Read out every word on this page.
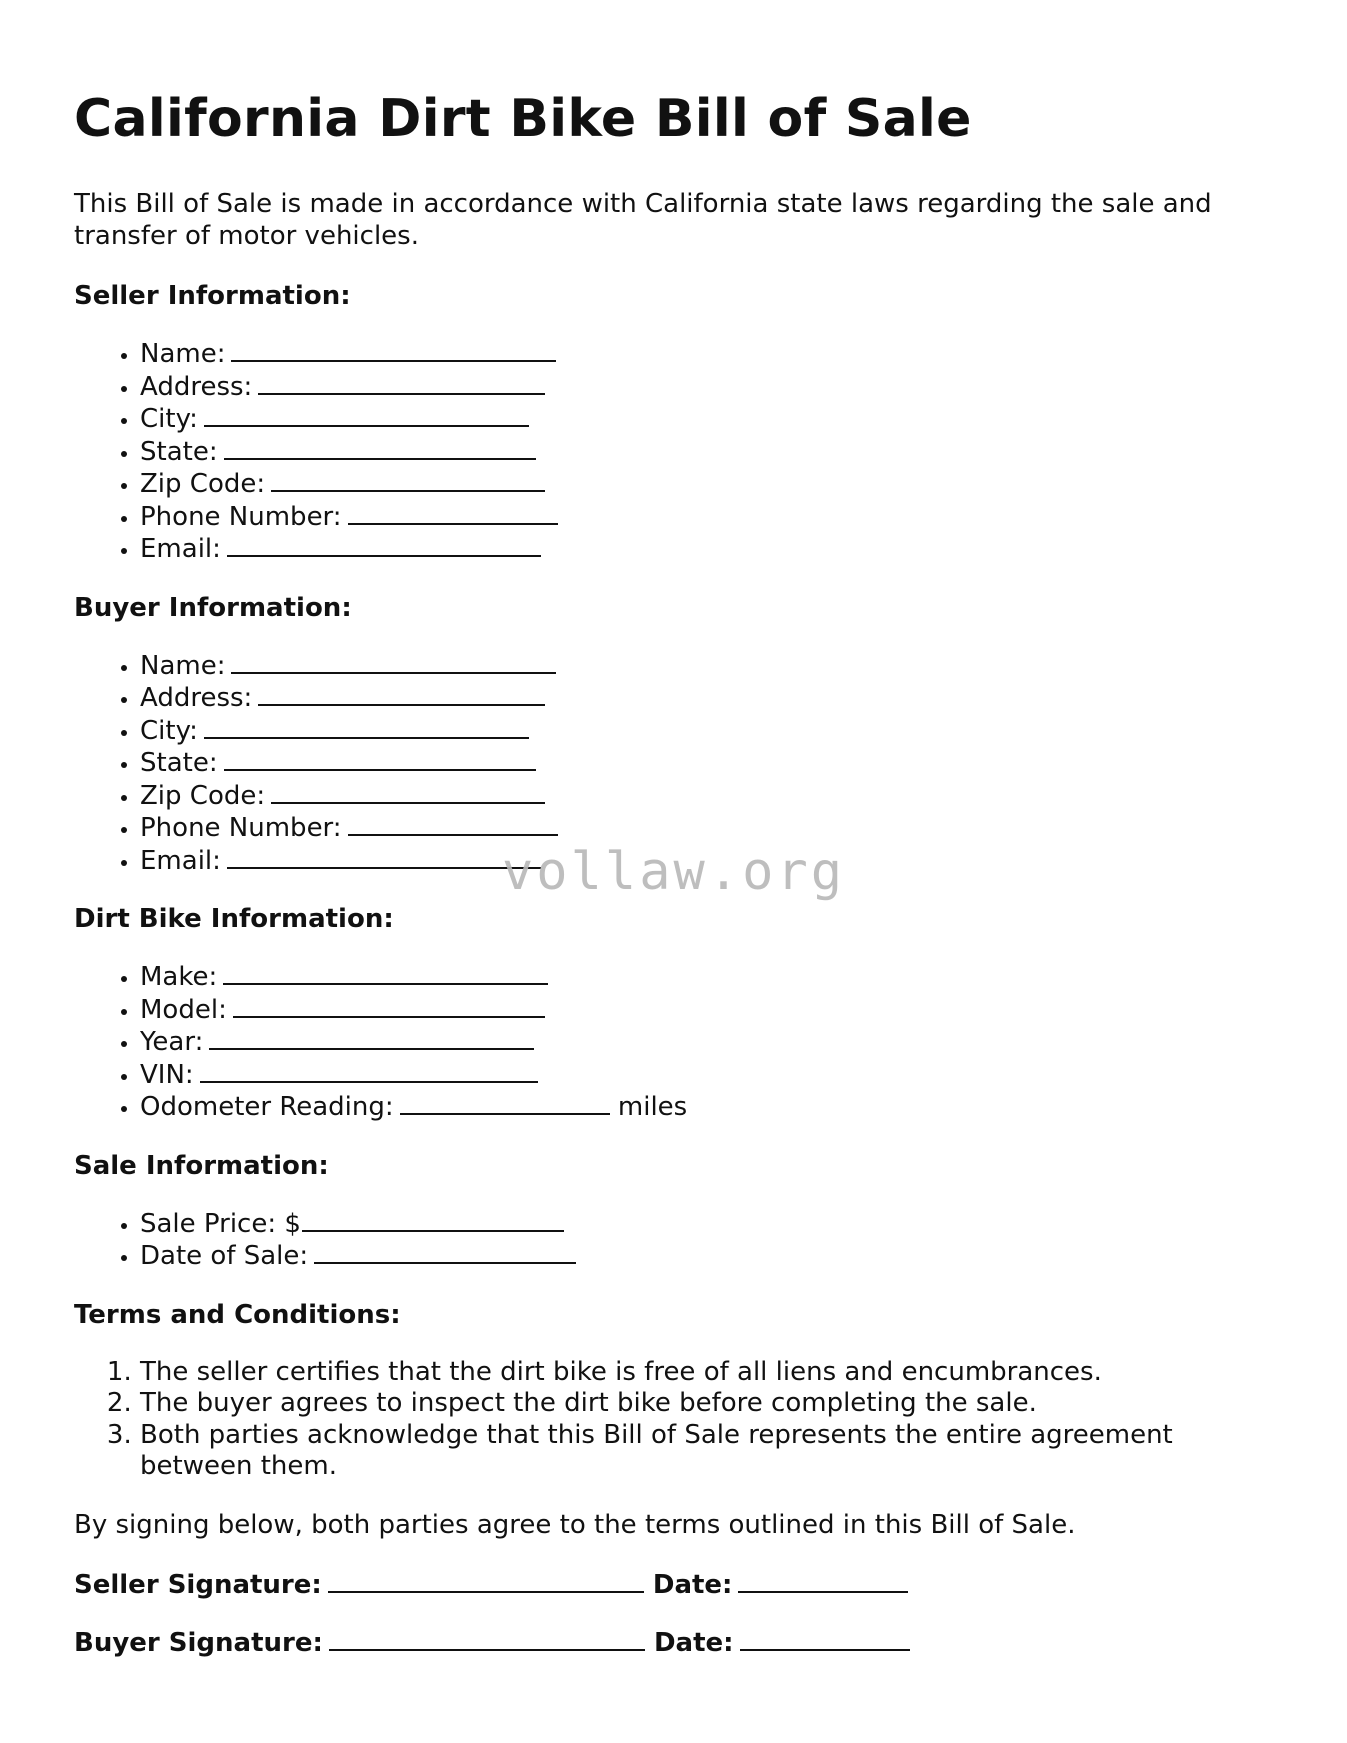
California Dirt Bike Bill of Sale

This Bill of Sale is made in accordance with California state laws regarding the sale and transfer of motor vehicles.

Seller Information:
• Name:
• Address:
• City:
• State:
• Zip Code:
• Phone Number:
• Email:
Buyer Information:
• Name:
• Address:
• City:
• State:
• Zip Code:
• Phone Number:
• Email:
Dirt Bike Information:
• Make:
• Model:
• Year:
• VIN:
• Odometer Reading:	miles
Sale Information:
• Sale Price: $
• Date of Sale:
Terms and Conditions:
1. The seller certifies that the dirt bike is free of all liens and encumbrances.
2. The buyer agrees to inspect the dirt bike before completing the sale.
3. Both parties acknowledge that this Bill of Sale represents the entire agreement between them.

By signing below, both parties agree to the terms outlined in this Bill of Sale.

Seller Signature:	Date:
Buyer Signature:	Date:
vollaw.org
